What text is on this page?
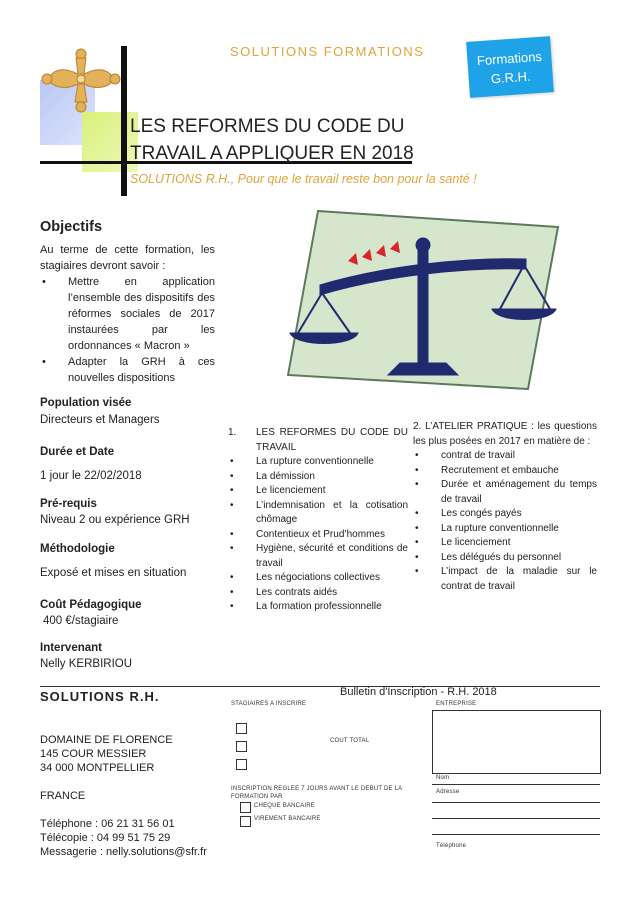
SOLUTIONS FORMATIONS	Formations
G.R.H.
LES REFORMES DU CODE DU
TRAVAIL A APPLIQUER EN 2018
SOLUTIONS R.H., Pour que le travail reste bon pour la santé !
Objectifs
Au terme de cette formation, les stagiaires devront savoir :
• Mettre en application l’ensemble des dispositifs des réformes sociales de 2017 instaurées par les ordonnances « Macron »
• Adapter la GRH à ces nouvelles dispositions
Population visée
Directeurs et Managers
Durée et Date
1 jour le 22/02/2018
Pré-requis
Niveau 2 ou expérience GRH
Méthodologie
Exposé et mises en situation
Coût Pédagogique
400 €/stagiaire
Intervenant
Nelly KERBIRIOU
1. LES REFORMES DU CODE DU TRAVAIL
• La rupture conventionnelle
• La démission
• Le licenciement
• L’indemnisation et la cotisation chômage
• Contentieux et Prud’hommes
• Hygiène, sécurité et conditions de travail
• Les négociations collectives
• Les contrats aidés
• La formation professionnelle
2. L’ATELIER PRATIQUE : les questions les plus posées en 2017 en matière de :
• contrat de travail
• Recrutement et embauche
• Durée et aménagement du temps de travail
• Les congés payés
• La rupture conventionnelle
• Le licenciement
• Les délégués du personnel
• L’impact de la maladie sur le contrat de travail
Bulletin d'Inscription - R.H. 2018
SOLUTIONS R.H.
DOMAINE DE FLORENCE
145 COUR MESSIER
34 000 MONTPELLIER
FRANCE
Téléphone : 06 21 31 56 01
Télécopie : 04 99 51 75 29
Messagerie : nelly.solutions@sfr.fr
STAGIAIRES A INSCRIRE
COUT TOTAL
INSCRIPTION REGLEE 7 JOURS AVANT LE DEBUT DE LA FORMATION PAR
CHEQUE BANCAIRE
VIREMENT BANCAIRE
ENTREPRISE
Nom
Adresse
Téléphone
